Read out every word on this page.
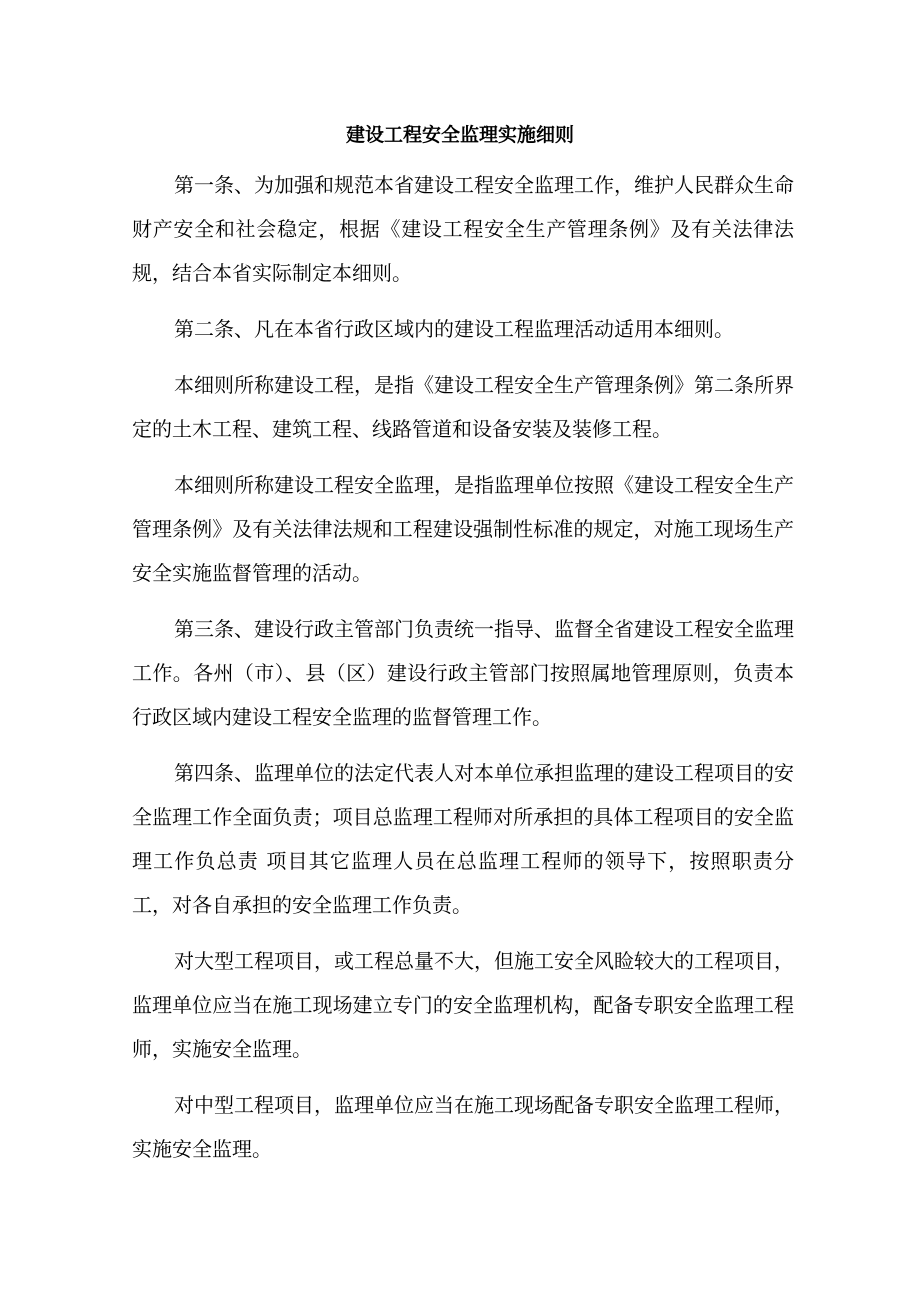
建设工程安全监理实施细则

第一条、为加强和规范本省建设工程安全监理工作，维护人民群众生命财产安全和社会稳定，根据《建设工程安全生产管理条例》及有关法律法规，结合本省实际制定本细则。

第二条、凡在本省行政区域内的建设工程监理活动适用本细则。

本细则所称建设工程，是指《建设工程安全生产管理条例》第二条所界定的土木工程、建筑工程、线路管道和设备安装及装修工程。

本细则所称建设工程安全监理，是指监理单位按照《建设工程安全生产管理条例》及有关法律法规和工程建设强制性标准的规定，对施工现场生产安全实施监督管理的活动。

第三条、建设行政主管部门负责统一指导、监督全省建设工程安全监理工作。各州（市）、县（区）建设行政主管部门按照属地管理原则，负责本行政区域内建设工程安全监理的监督管理工作。

第四条、监理单位的法定代表人对本单位承担监理的建设工程项目的安全监理工作全面负责；项目总监理工程师对所承担的具体工程项目的安全监理工作负总责 项目其它监理人员在总监理工程师的领导下，按照职责分工，对各自承担的安全监理工作负责。

对大型工程项目，或工程总量不大，但施工安全风睑较大的工程项目，监理单位应当在施工现场建立专门的安全监理机构，配备专职安全监理工程师，实施安全监理。

对中型工程项目，监理单位应当在施工现场配备专职安全监理工程师，实施安全监理。
